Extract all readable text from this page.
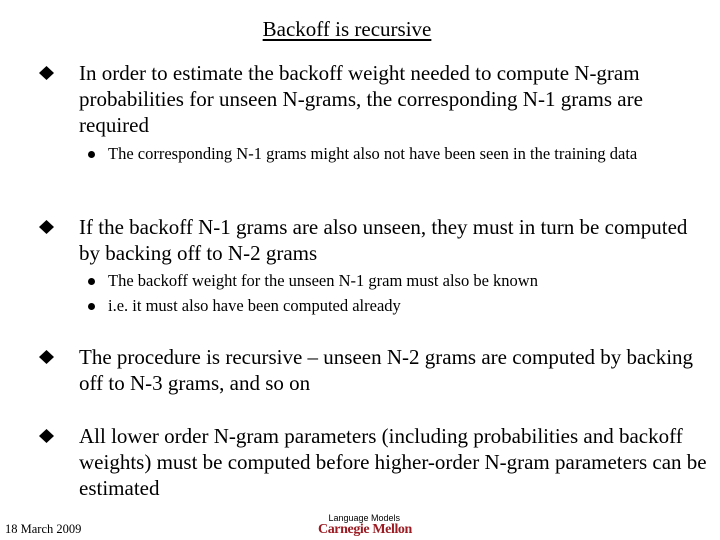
Backoff is recursive
In order to estimate the backoff weight needed to compute N-gram probabilities for unseen N-grams, the corresponding N-1 grams are required
The corresponding N-1 grams might also not have been seen in the training data
If the backoff N-1 grams are also unseen, they must in turn be computed by backing off to N-2 grams
The backoff weight for the unseen N-1 gram must also be known
i.e. it must also have been computed already
The procedure is recursive – unseen N-2 grams are computed by backing off to N-3 grams, and so on
All lower order N-gram parameters (including probabilities and backoff weights) must be computed before higher-order N-gram parameters can be estimated
18 March 2009
Language Models
Carnegie Mellon
